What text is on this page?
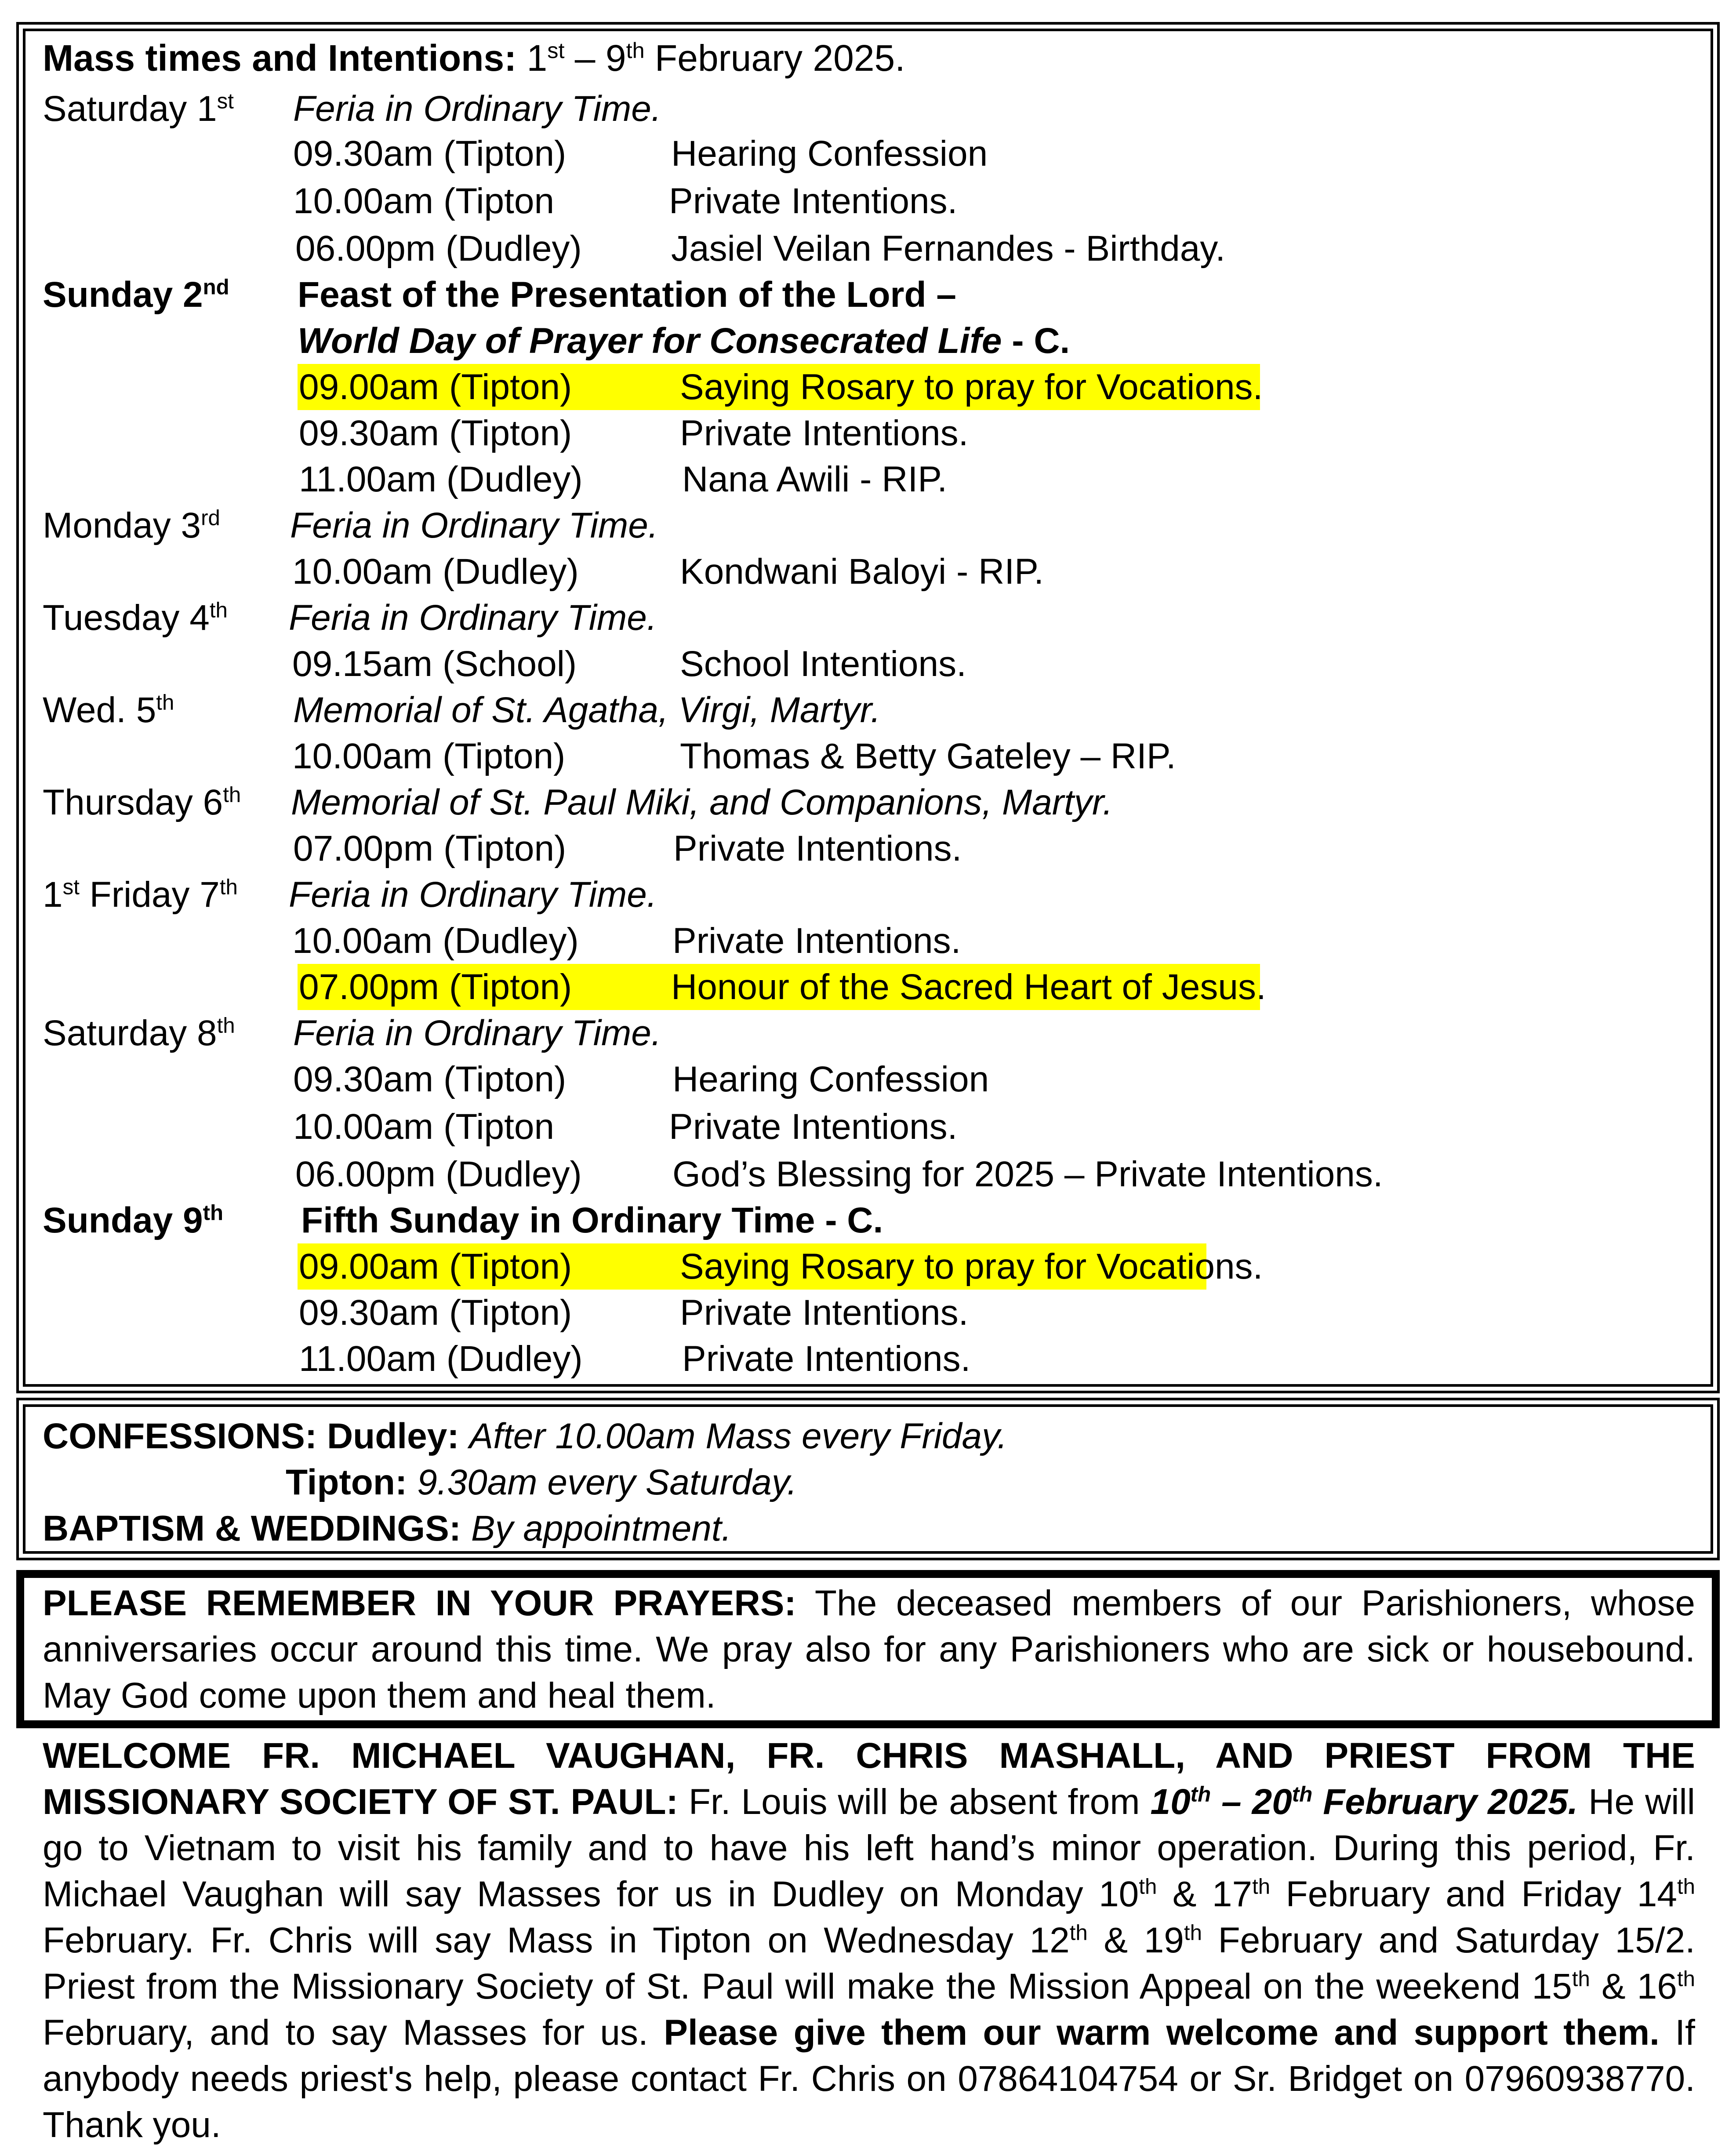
Mass times and Intentions: 1st – 9th February 2025.
Saturday 1st Feria in Ordinary Time.
09.30am (Tipton)	Hearing Confession
10.00am (Tipton	Private Intentions.
06.00pm (Dudley) Jasiel Veilan Fernandes - Birthday.
Sunday 2nd Feast of the Presentation of the Lord –
World Day of Prayer for Consecrated Life - C.
09.00am (Tipton)	Saying Rosary to pray for Vocations.
09.30am (Tipton)	Private Intentions.
11.00am (Dudley)	Nana Awili - RIP.
Monday 3rd Feria in Ordinary Time.
10.00am (Dudley)	Kondwani Baloyi - RIP.
Tuesday 4th Feria in Ordinary Time.
09.15am (School)	School Intentions.
Wed. 5th	Memorial of St. Agatha, Virgi, Martyr.
10.00am (Tipton)	Thomas & Betty Gateley – RIP.
Thursday 6th Memorial of St. Paul Miki, and Companions, Martyr.
07.00pm (Tipton)	Private Intentions.
1st Friday 7th Feria in Ordinary Time.
10.00am (Dudley)	Private Intentions.
07.00pm (Tipton)	Honour of the Sacred Heart of Jesus.
Saturday 8th Feria in Ordinary Time.
09.30am (Tipton)	Hearing Confession
10.00am (Tipton	Private Intentions.
06.00pm (Dudley)	God’s Blessing for 2025 – Private Intentions.
Sunday 9th Fifth Sunday in Ordinary Time - C.
09.00am (Tipton)	Saying Rosary to pray for Vocations.
09.30am (Tipton)	Private Intentions.
11.00am (Dudley)	Private Intentions.
CONFESSIONS: Dudley: After 10.00am Mass every Friday.
Tipton: 9.30am every Saturday.
BAPTISM & WEDDINGS: By appointment.
PLEASE REMEMBER IN YOUR PRAYERS: The deceased members of our Parishioners, whose anniversaries occur around this time. We pray also for any Parishioners who are sick or housebound. May God come upon them and heal them.
WELCOME FR. MICHAEL VAUGHAN, FR. CHRIS MASHALL, AND PRIEST FROM THE MISSIONARY SOCIETY OF ST. PAUL: Fr. Louis will be absent from 10th – 20th February 2025. He will go to Vietnam to visit his family and to have his left hand’s minor operation. During this period, Fr. Michael Vaughan will say Masses for us in Dudley on Monday 10th & 17th February and Friday 14th February. Fr. Chris will say Mass in Tipton on Wednesday 12th & 19th February and Saturday 15/2. Priest from the Missionary Society of St. Paul will make the Mission Appeal on the weekend 15th & 16th February, and to say Masses for us. Please give them our warm welcome and support them. If anybody needs priest's help, please contact Fr. Chris on 07864104754 or Sr. Bridget on 07960938770. Thank you.
